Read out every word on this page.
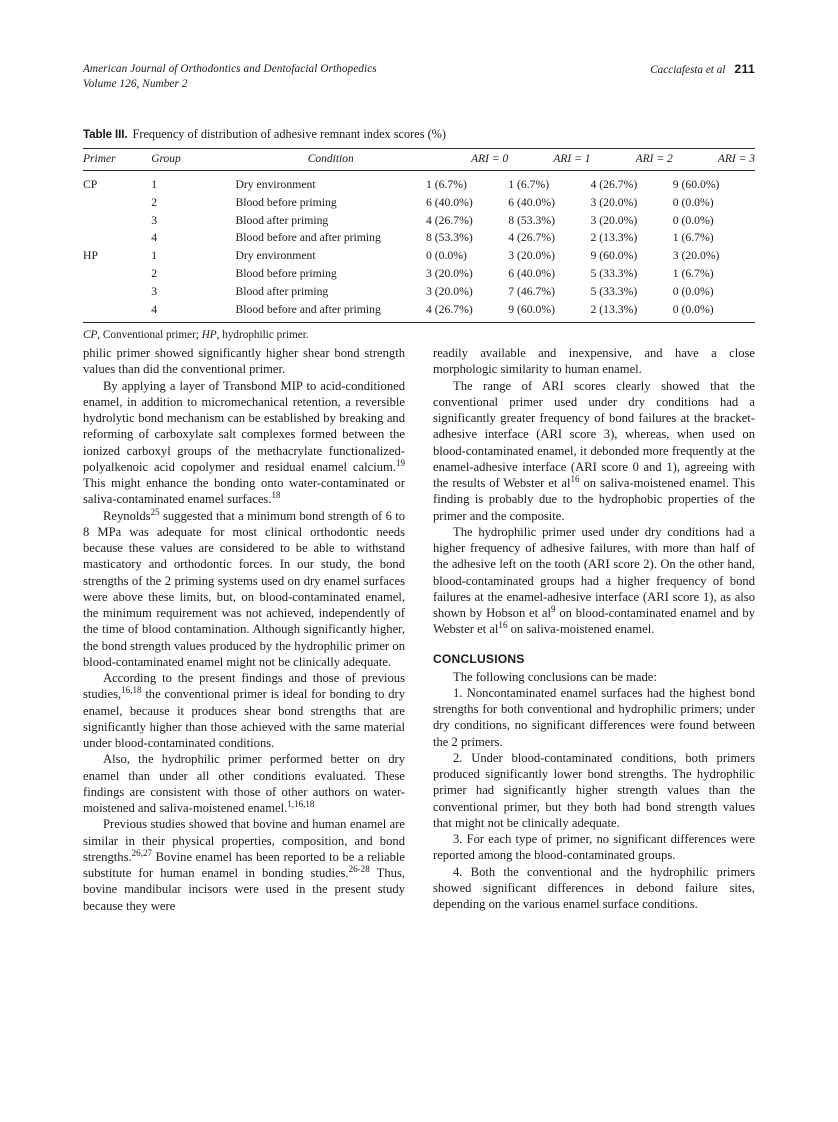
American Journal of Orthodontics and Dentofacial Orthopedics
Volume 126, Number 2
Cacciafesta et al 211
Table III. Frequency of distribution of adhesive remnant index scores (%)
Primer	Group	Condition	ARI = 0	ARI = 1	ARI = 2	ARI = 3
CP	1	Dry environment	1 (6.7%)	1 (6.7%)	4 (26.7%)	9 (60.0%)
	2	Blood before priming	6 (40.0%)	6 (40.0%)	3 (20.0%)	0 (0.0%)
	3	Blood after priming	4 (26.7%)	8 (53.3%)	3 (20.0%)	0 (0.0%)
	4	Blood before and after priming	8 (53.3%)	4 (26.7%)	2 (13.3%)	1 (6.7%)
HP	1	Dry environment	0 (0.0%)	3 (20.0%)	9 (60.0%)	3 (20.0%)
	2	Blood before priming	3 (20.0%)	6 (40.0%)	5 (33.3%)	1 (6.7%)
	3	Blood after priming	3 (20.0%)	7 (46.7%)	5 (33.3%)	0 (0.0%)
	4	Blood before and after priming	4 (26.7%)	9 (60.0%)	2 (13.3%)	0 (0.0%)
CP, Conventional primer; HP, hydrophilic primer.

philic primer showed significantly higher shear bond strength values than did the conventional primer.

By applying a layer of Transbond MIP to acid-conditioned enamel, in addition to micromechanical retention, a reversible hydrolytic bond mechanism can be established by breaking and reforming of carboxylate salt complexes formed between the ionized carboxyl groups of the methacrylate functionalized-polyalkenoic acid copolymer and residual enamel calcium.$^{19}$ This might enhance the bonding onto water-contaminated or saliva-contaminated enamel surfaces.$^{18}$

Reynolds$^{25}$ suggested that a minimum bond strength of 6 to 8 MPa was adequate for most clinical orthodontic needs because these values are considered to be able to withstand masticatory and orthodontic forces. In our study, the bond strengths of the 2 priming systems used on dry enamel surfaces were above these limits, but, on blood-contaminated enamel, the minimum requirement was not achieved, independently of the time of blood contamination. Although significantly higher, the bond strength values produced by the hydrophilic primer on blood-contaminated enamel might not be clinically adequate.

According to the present findings and those of previous studies,$^{16,18}$ the conventional primer is ideal for bonding to dry enamel, because it produces shear bond strengths that are significantly higher than those achieved with the same material under blood-contaminated conditions.

Also, the hydrophilic primer performed better on dry enamel than under all other conditions evaluated. These findings are consistent with those of other authors on water-moistened and saliva-moistened enamel.$^{1,16,18}$

Previous studies showed that bovine and human enamel are similar in their physical properties, composition, and bond strengths.$^{26,27}$ Bovine enamel has been reported to be a reliable substitute for human enamel in bonding studies.$^{26-28}$ Thus, bovine mandibular incisors were used in the present study because they were

readily available and inexpensive, and have a close morphologic similarity to human enamel.

The range of ARI scores clearly showed that the conventional primer used under dry conditions had a significantly greater frequency of bond failures at the bracket-adhesive interface (ARI score 3), whereas, when used on blood-contaminated enamel, it debonded more frequently at the enamel-adhesive interface (ARI score 0 and 1), agreeing with the results of Webster et $al^{16}$ on saliva-moistened enamel. This finding is probably due to the hydrophobic properties of the primer and the composite.

The hydrophilic primer used under dry conditions had a higher frequency of adhesive failures, with more than half of the adhesive left on the tooth (ARI score 2). On the other hand, blood-contaminated groups had a higher frequency of bond failures at the enamel-adhesive interface (ARI score 1), as also shown by Hobson et $al^9$ on blood-contaminated enamel and by Webster et $al^{16}$ on saliva-moistened enamel.

CONCLUSIONS

The following conclusions can be made:

1. Noncontaminated enamel surfaces had the highest bond strengths for both conventional and hydrophilic primers; under dry conditions, no significant differences were found between the 2 primers.

2. Under blood-contaminated conditions, both primers produced significantly lower bond strengths. The hydrophilic primer had significantly higher strength values than the conventional primer, but they both had bond strength values that might not be clinically adequate.

3. For each type of primer, no significant differences were reported among the blood-contaminated groups.

4. Both the conventional and the hydrophilic primers showed significant differences in debond failure sites, depending on the various enamel surface conditions.
